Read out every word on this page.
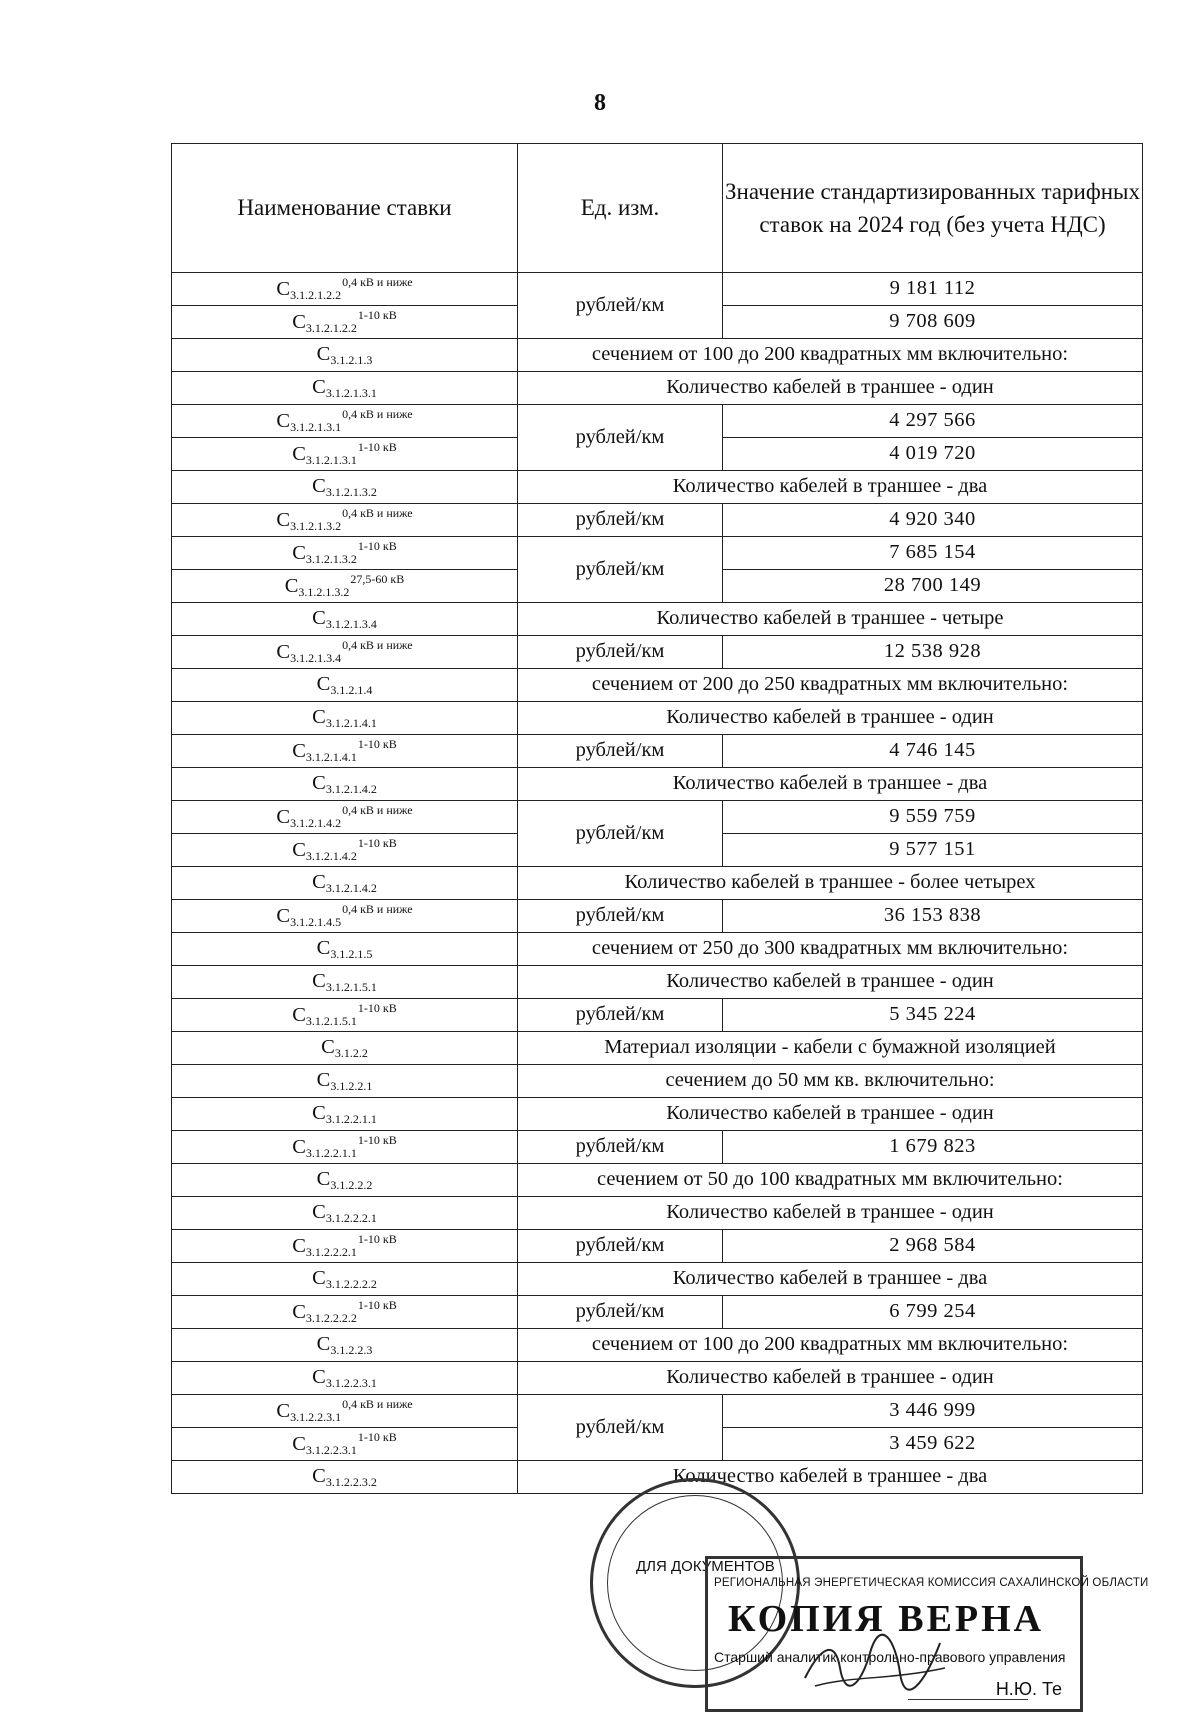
8
Наименование ставки	Ед. изм.	Значение стандартизированных тарифных ставок на 2024 год (без учета НДС)
$C_{3.1.2.1.2.2}^{0,4 кВ и ниже}$	рублей/км	9 181 112
$C_{3.1.2.1.2.2}^{1-10 кВ}$		9 708 609
$C_{3.1.2.1.3}$	сечением от 100 до 200 квадратных мм включительно:	
$C_{3.1.2.1.3.1}$	Количество кабелей в траншее - один	
$C_{3.1.2.1.3.1}^{0,4 кВ и ниже}$	рублей/км	4 297 566
$C_{3.1.2.1.3.1}^{1-10 кВ}$		4 019 720
$C_{3.1.2.1.3.2}$	Количество кабелей в траншее - два	
$C_{3.1.2.1.3.2}^{0,4 кВ и ниже}$	рублей/км	4 920 340
$C_{3.1.2.1.3.2}^{1-10 кВ}$	рублей/км	7 685 154
$C_{3.1.2.1.3.2}^{27,5-60 кВ}$		28 700 149
$C_{3.1.2.1.3.4}$	Количество кабелей в траншее - четыре	
$C_{3.1.2.1.3.4}^{0,4 кВ и ниже}$	рублей/км	12 538 928
$C_{3.1.2.1.4}$	сечением от 200 до 250 квадратных мм включительно:	
$C_{3.1.2.1.4.1}$	Количество кабелей в траншее - один	
$C_{3.1.2.1.4.1}^{1-10 кВ}$	рублей/км	4 746 145
$C_{3.1.2.1.4.2}$	Количество кабелей в траншее - два	
$C_{3.1.2.1.4.2}^{0,4 кВ и ниже}$	рублей/км	9 559 759
$C_{3.1.2.1.4.2}^{1-10 кВ}$		9 577 151
$C_{3.1.2.1.4.2}$	Количество кабелей в траншее - более четырех	
$C_{3.1.2.1.4.5}^{0,4 кВ и ниже}$	рублей/км	36 153 838
$C_{3.1.2.1.5}$	сечением от 250 до 300 квадратных мм включительно:	
$C_{3.1.2.1.5.1}$	Количество кабелей в траншее - один	
$C_{3.1.2.1.5.1}^{1-10 кВ}$	рублей/км	5 345 224
$C_{3.1.2.2}$	Материал изоляции - кабели с бумажной изоляцией	
$C_{3.1.2.2.1}$	сечением до 50 мм кв. включительно:	
$C_{3.1.2.2.1.1}$	Количество кабелей в траншее - один	
$C_{3.1.2.2.1.1}^{1-10 кВ}$	рублей/км	1 679 823
$C_{3.1.2.2.2}$	сечением от 50 до 100 квадратных мм включительно:	
$C_{3.1.2.2.2.1}$	Количество кабелей в траншее - один	
$C_{3.1.2.2.2.1}^{1-10 кВ}$	рублей/км	2 968 584
$C_{3.1.2.2.2.2}$	Количество кабелей в траншее - два	
$C_{3.1.2.2.2.2}^{1-10 кВ}$	рублей/км	6 799 254
$C_{3.1.2.2.3}$	сечением от 100 до 200 квадратных мм включительно:	
$C_{3.1.2.2.3.1}$	Количество кабелей в траншее - один	
$C_{3.1.2.2.3.1}^{0,4 кВ и ниже}$	рублей/км	3 446 999
$C_{3.1.2.2.3.1}^{1-10 кВ}$		3 459 622
$C_{3.1.2.2.3.2}$	Количество кабелей в траншее - два	
ДЛЯ ДОКУМЕНТОВ
РЕГИОНАЛЬНАЯ ЭНЕРГЕТИЧЕСКАЯ КОМИССИЯ САХАЛИНСКОЙ ОБЛАСТИ
КОПИЯ ВЕРНА
Старший аналитик контрольно-правового управления
Н.Ю. Те
